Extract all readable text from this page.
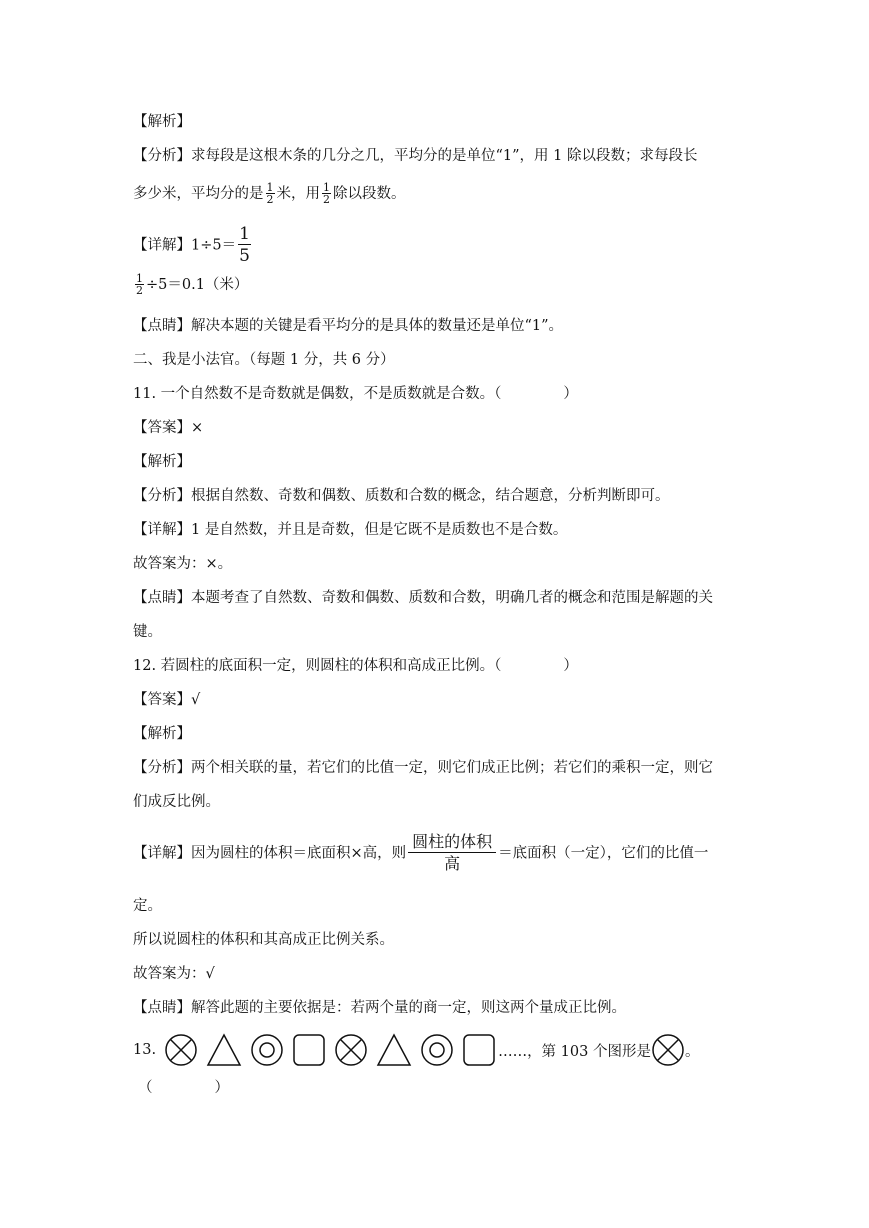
【解析】
【分析】求每段是这根木条的几分之几，平均分的是单位“1”，用 1 除以段数；求每段长
多少米，平均分的是 $\frac{1}{2}$ 米，用 $\frac{1}{2}$ 除以段数。
【详解】$1\div 5= \frac{1}{5}$
$\frac{1}{2} \div 5=0.1$（米）
【点睛】解决本题的关键是看平均分的是具体的数量还是单位“1”。
二、我是小法官。（每题 1 分，共 6 分）
11. 一个自然数不是奇数就是偶数，不是质数就是合数。（	）
【答案】×
【解析】
【分析】根据自然数、奇数和偶数、质数和合数的概念，结合题意，分析判断即可。
【详解】1 是自然数，并且是奇数，但是它既不是质数也不是合数。
故答案为：×。
【点睛】本题考查了自然数、奇数和偶数、质数和合数，明确几者的概念和范围是解题的关
键。
12. 若圆柱的底面积一定，则圆柱的体积和高成正比例。（	）
【答案】√
【解析】
【分析】两个相关联的量，若它们的比值一定，则它们成正比例；若它们的乘积一定，则它
们成反比例。
【详解】因为圆柱的体积＝底面积×高，则 $\frac{\text{圆柱的体积}}{\text{高}}$ ＝底面积（一定），它们的比值一
定。
所以说圆柱的体积和其高成正比例关系。
故答案为：√
【点睛】解答此题的主要依据是：若两个量的商一定，则这两个量成正比例。
13.	……，第 103 个图形是 。
（	）
